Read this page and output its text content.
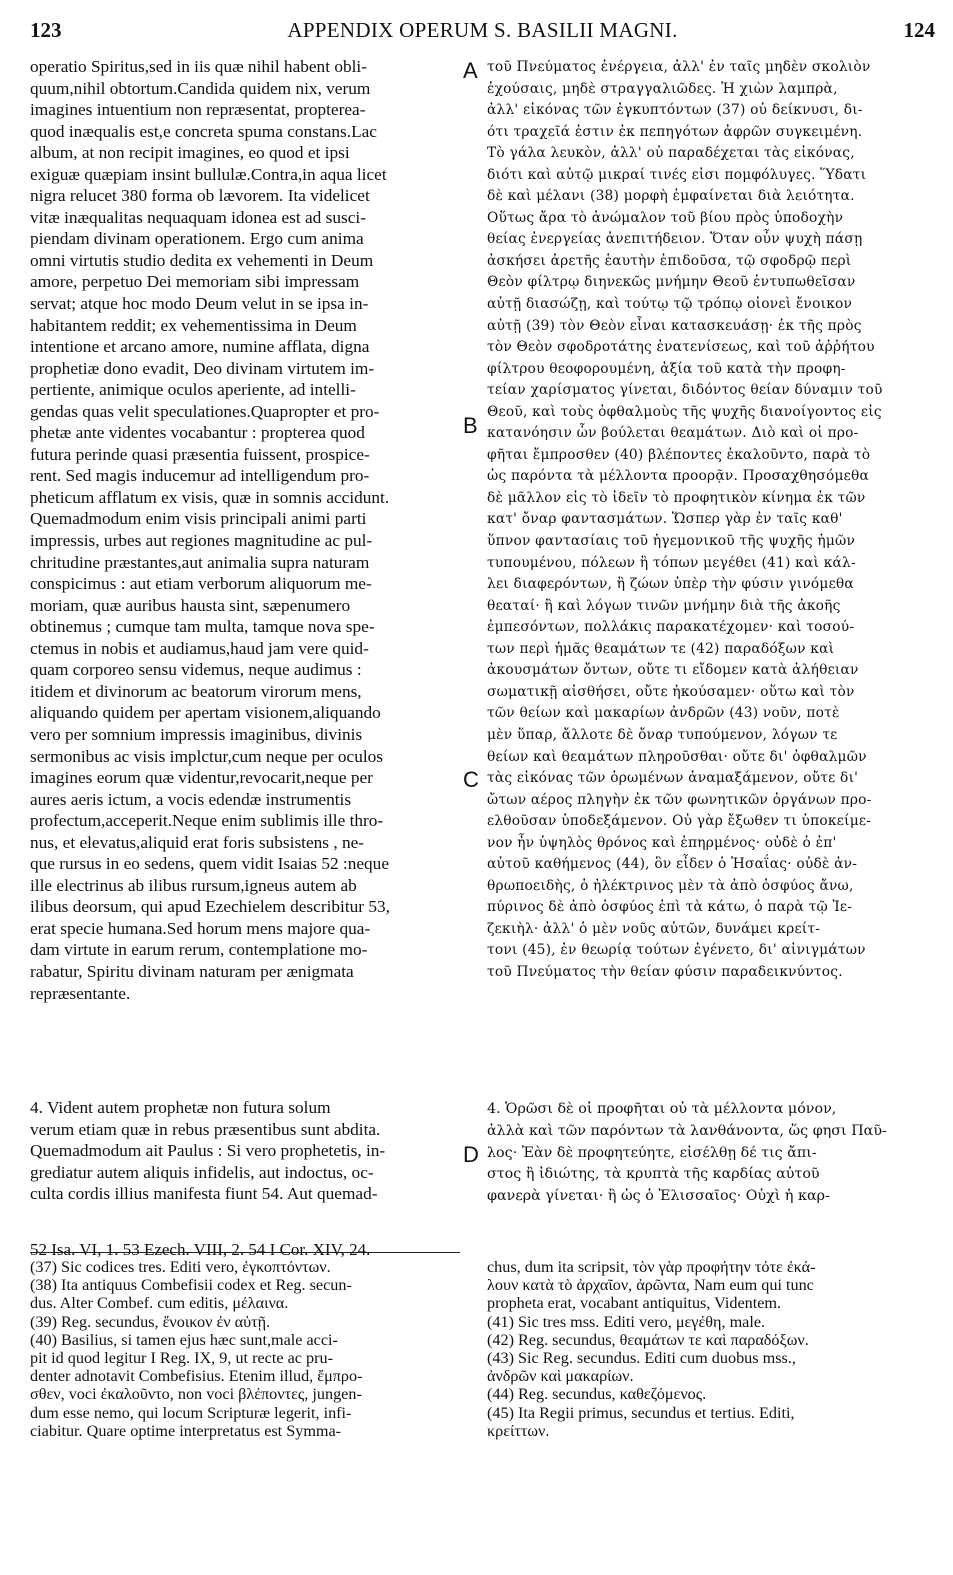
123	APPENDIX OPERUM S. BASILII MAGNI.	124
operatio Spiritus,sed in iis quæ nihil habent obli-
quum,nihil obtortum.Candida quidem nix, verum
imagines intuentium non repræsentat, propterea-
quod inæqualis est,e concreta spuma constans.Lac
album, at non recipit imagines, eo quod et ipsi
exiguæ quæpiam insint bullulæ.Contra,in aqua licet
nigra relucet 380 forma ob lævorem. Ita videlicet
vitæ inæqualitas nequaquam idonea est ad susci-
piendam divinam operationem. Ergo cum anima
omni virtutis studio dedita ex vehementi in Deum
amore, perpetuo Dei memoriam sibi impressam
servat; atque hoc modo Deum velut in se ipsa in-
habitantem reddit; ex vehementissima in Deum
intentione et arcano amore, numine afflata, digna
prophetiæ dono evadit, Deo divinam virtutem im-
pertiente, animique oculos aperiente, ad intelli-
gendas quas velit speculationes.Quapropter et pro-
phetæ ante videntes vocabantur : propterea quod
futura perinde quasi præsentia fuissent, prospice-
rent. Sed magis inducemur ad intelligendum pro-
pheticum afflatum ex visis, quæ in somnis accidunt.
Quemadmodum enim visis principali animi parti
impressis, urbes aut regiones magnitudine ac pul-
chritudine præstantes,aut animalia supra naturam
conspicimus : aut etiam verborum aliquorum me-
moriam, quæ auribus hausta sint, sæpenumero
obtinemus ; cumque tam multa, tamque nova spe-
ctemus in nobis et audiamus,haud jam vere quid-
quam corporeo sensu videmus, neque audimus :
itidem et divinorum ac beatorum virorum mens,
aliquando quidem per apertam visionem,aliquando
vero per somnium impressis imaginibus, divinis
sermonibus ac visis implctur,cum neque per oculos
imagines eorum quæ videntur,revocarit,neque per
aures aeris ictum, a vocis edendæ instrumentis
profectum,acceperit.Neque enim sublimis ille thro-
nus, et elevatus,aliquid erat foris subsistens , ne-
que rursus in eo sedens, quem vidit Isaias 52 :neque
ille electrinus ab ilibus rursum,igneus autem ab
ilibus deorsum, qui apud Ezechielem describitur 53,
erat specie humana.Sed horum mens majore qua-
dam virtute in earum rerum, contemplatione mo-
rabatur, Spiritu divinam naturam per ænigmata
repræsentante.
τοῦ Πνεύματος ἐνέργεια, ἀλλ' ἐν ταῖς μηδὲν σκολιὸν
ἐχούσαις, μηδὲ στραγγαλιῶδες. Ἡ χιὼν λαμπρὰ,
ἀλλ' εἰκόνας τῶν ἐγκυπτόντων (37) οὐ δείκνυσι, δι-
ότι τραχεῖά ἐστιν ἐκ πεπηγότων ἀφρῶν συγκειμένη.
Τὸ γάλα λευκὸν, ἀλλ' οὐ παραδέχεται τὰς εἰκόνας,
διότι καὶ αὐτῷ μικραί τινές εἰσι πομφόλυγες. Ὕδατι
δὲ καὶ μέλανι (38) μορφὴ ἐμφαίνεται διὰ λειότητα.
Οὕτως ἄρα τὸ ἀνώμαλον τοῦ βίου πρὸς ὑποδοχὴν
θείας ἐνεργείας ἀνεπιτήδειον. Ὅταν οὖν ψυχὴ πάσῃ
ἀσκήσει ἀρετῆς ἑαυτὴν ἐπιδοῦσα, τῷ σφοδρῷ περὶ
Θεὸν φίλτρῳ διηνεκῶς μνήμην Θεοῦ ἐντυπωθεῖσαν
αὐτῇ διασώζῃ, καὶ τούτῳ τῷ τρόπῳ οἱονεὶ ἔνοικον
αὐτῇ (39) τὸν Θεὸν εἶναι κατασκευάσῃ· ἐκ τῆς πρὸς
τὸν Θεὸν σφοδροτάτης ἐνατενίσεως, καὶ τοῦ ἀῤῥήτου
φίλτρου θεοφορουμένη, ἀξία τοῦ κατὰ τὴν προφη-
τείαν χαρίσματος γίνεται, διδόντος θείαν δύναμιν τοῦ
Θεοῦ, καὶ τοὺς ὀφθαλμοὺς τῆς ψυχῆς διανοίγοντος εἰς
κατανόησιν ὧν βούλεται θεαμάτων. Διὸ καὶ οἱ προ-
φῆται ἔμπροσθεν (40) βλέποντες ἐκαλοῦντο, παρὰ τὸ
ὡς παρόντα τὰ μέλλοντα προορᾷν. Προσαχθησόμεθα
δὲ μᾶλλον εἰς τὸ ἰδεῖν τὸ προφητικὸν κίνημα ἐκ τῶν
κατ' ὄναρ φαντασμάτων. Ὥσπερ γὰρ ἐν ταῖς καθ'
ὕπνον φαντασίαις τοῦ ἡγεμονικοῦ τῆς ψυχῆς ἡμῶν
τυπουμένου, πόλεων ἢ τόπων μεγέθει (41) καὶ κάλ-
λει διαφερόντων, ἢ ζώων ὑπὲρ τὴν φύσιν γινόμεθα
θεαταί· ἢ καὶ λόγων τινῶν μνήμην διὰ τῆς ἀκοῆς
ἐμπεσόντων, πολλάκις παρακατέχομεν· καὶ τοσού-
των περὶ ἡμᾶς θεαμάτων τε (42) παραδόξων καὶ
ἀκουσμάτων ὄντων, οὔτε τι εἴδομεν κατὰ ἀλήθειαν
σωματικῇ αἰσθήσει, οὔτε ἠκούσαμεν· οὕτω καὶ τὸν
τῶν θείων καὶ μακαρίων ἀνδρῶν (43) νοῦν, ποτὲ
μὲν ὕπαρ, ἄλλοτε δὲ ὄναρ τυπούμενον, λόγων τε
θείων καὶ θεαμάτων πληροῦσθαι· οὔτε δι' ὀφθαλμῶν
τὰς εἰκόνας τῶν ὁρωμένων ἀναμαξάμενον, οὔτε δι'
ὤτων αέρος πληγὴν ἐκ τῶν φωνητικῶν ὀργάνων προ-
ελθοῦσαν ὑποδεξάμενον. Οὐ γὰρ ἔξωθεν τι ὑποκείμε-
νον ἦν ὑψηλὸς θρόνος καὶ ἐπηρμένος· οὐδὲ ὁ ἐπ'
αὐτοῦ καθήμενος (44), ὃν εἶδεν ὁ Ἡσαΐας· οὐδὲ ἀν-
θρωποειδὴς, ὁ ἠλέκτρινος μὲν τὰ ἀπὸ ὀσφύος ἄνω,
πύρινος δὲ ἀπὸ ὀσφύος ἐπὶ τὰ κάτω, ὁ παρὰ τῷ Ἰε-
ζεκιὴλ· ἀλλ' ὁ μὲν νοῦς αὐτῶν, δυνάμει κρείτ-
τονι (45), ἐν θεωρίᾳ τούτων ἐγένετο, δι' αἰνιγμάτων
τοῦ Πνεύματος τὴν θείαν φύσιν παραδεικνύντος.
A
B
C
D
4. Vident autem prophetæ non futura solum
verum etiam quæ in rebus præsentibus sunt abdita.
Quemadmodum ait Paulus : Si vero prophetetis, in-
grediatur autem aliquis infidelis, aut indoctus, oc-
culta cordis illius manifesta fiunt 54. Aut quemad-
4. Ὁρῶσι δὲ οἱ προφῆται οὐ τὰ μέλλοντα μόνον,
ἀλλὰ καὶ τῶν παρόντων τὰ λανθάνοντα, ὥς φησι Παῦ-
λος· Ἐὰν δὲ προφητεύητε, εἰσέλθῃ δέ τις ἄπι-
στος ἢ ἰδιώτης, τὰ κρυπτὰ τῆς καρδίας αὐτοῦ
φανερὰ γίνεται· ἢ ὡς ὁ Ἐλισσαῖος· Οὐχὶ ἡ καρ-

52 Isa. VI, 1. 53 Ezech. VIII, 2. 54 I Cor. XIV, 24.

(37) Sic codices tres. Editi vero, ἐγκοπτόντων.
(38) Ita antiquus Combefisii codex et Reg. secun-
dus. Alter Combef. cum editis, μέλαινα.
(39) Reg. secundus, ἔνοικον ἐν αὐτῇ.
(40) Basilius, si tamen ejus hæc sunt,male acci-
pit id quod legitur I Reg. IX, 9, ut recte ac pru-
denter adnotavit Combefisius. Etenim illud, ἔμπρο-
σθεν, voci ἐκαλοῦντο, non voci βλέποντες, jungen-
dum esse nemo, qui locum Scripturæ legerit, infi-
ciabitur. Quare optime interpretatus est Symma-
chus, dum ita scripsit, τὸν γὰρ προφήτην τότε ἐκά-
λουν κατὰ τὸ ἀρχαῖον, ἀρῶντα, Nam eum qui tunc
propheta erat, vocabant antiquitus, Videntem.
(41) Sic tres mss. Editi vero, μεγέθη, male.
(42) Reg. secundus, θεαμάτων τε καὶ παραδόξων.
(43) Sic Reg. secundus. Editi cum duobus mss.,
ἀνδρῶν καὶ μακαρίων.
(44) Reg. secundus, καθεζόμενος.
(45) Ita Regii primus, secundus et tertius. Editi,
κρείττων.
